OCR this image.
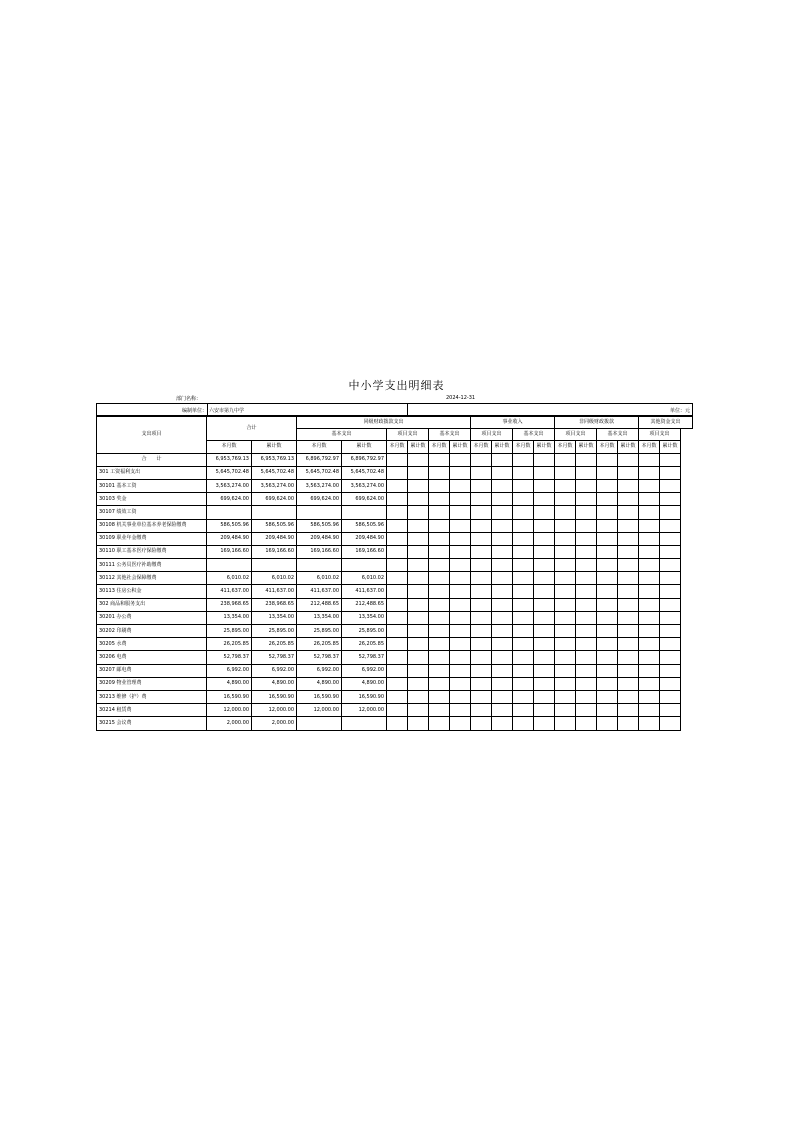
中小学支出明细表
部门名称：	2024-12-31
编制单位： 六安市第九中学	单位：元
支出项目	合计		同级财政拨款支出						事业收入				非同级财政拨款				其他资金支出	
			基本支出		项目支出		基本支出		项目支出		基本支出		项目支出		基本支出		项目支出	
	本月数	累计数	本月数	累计数	本月数	累计数	本月数	累计数	本月数	累计数	本月数	累计数	本月数	累计数	本月数	累计数	本月数	累计数
合　　计	6,953,769.13	6,953,769.13	6,896,792.97	6,896,792.97														
301 工资福利支出	5,645,702.48	5,645,702.48	5,645,702.48	5,645,702.48														
30101 基本工资	3,563,274.00	3,563,274.00	3,563,274.00	3,563,274.00														
30103 奖金	699,624.00	699,624.00	699,624.00	699,624.00														
30107 绩效工资																		
30108 机关事业单位基本养老保险缴费	586,505.96	586,505.96	586,505.96	586,505.96														
30109 职业年金缴费	209,484.90	209,484.90	209,484.90	209,484.90														
30110 职工基本医疗保险缴费	169,166.60	169,166.60	169,166.60	169,166.60														
30111 公务员医疗补助缴费																		
30112 其他社会保障缴费	6,010.02	6,010.02	6,010.02	6,010.02														
30113 住房公积金	411,637.00	411,637.00	411,637.00	411,637.00														
302 商品和服务支出	238,968.65	238,968.65	212,488.65	212,488.65														
30201 办公费	13,354.00	13,354.00	13,354.00	13,354.00														
30202 印刷费	25,895.00	25,895.00	25,895.00	25,895.00														
30205 水费	26,205.85	26,205.85	26,205.85	26,205.85														
30206 电费	52,798.37	52,798.37	52,798.37	52,798.37														
30207 邮电费	6,992.00	6,992.00	6,992.00	6,992.00														
30209 物业管理费	4,890.00	4,890.00	4,890.00	4,890.00														
30213 维修（护）费	16,590.90	16,590.90	16,590.90	16,590.90														
30214 租赁费	12,000.00	12,000.00	12,000.00	12,000.00														
30215 会议费	2,000.00	2,000.00																
